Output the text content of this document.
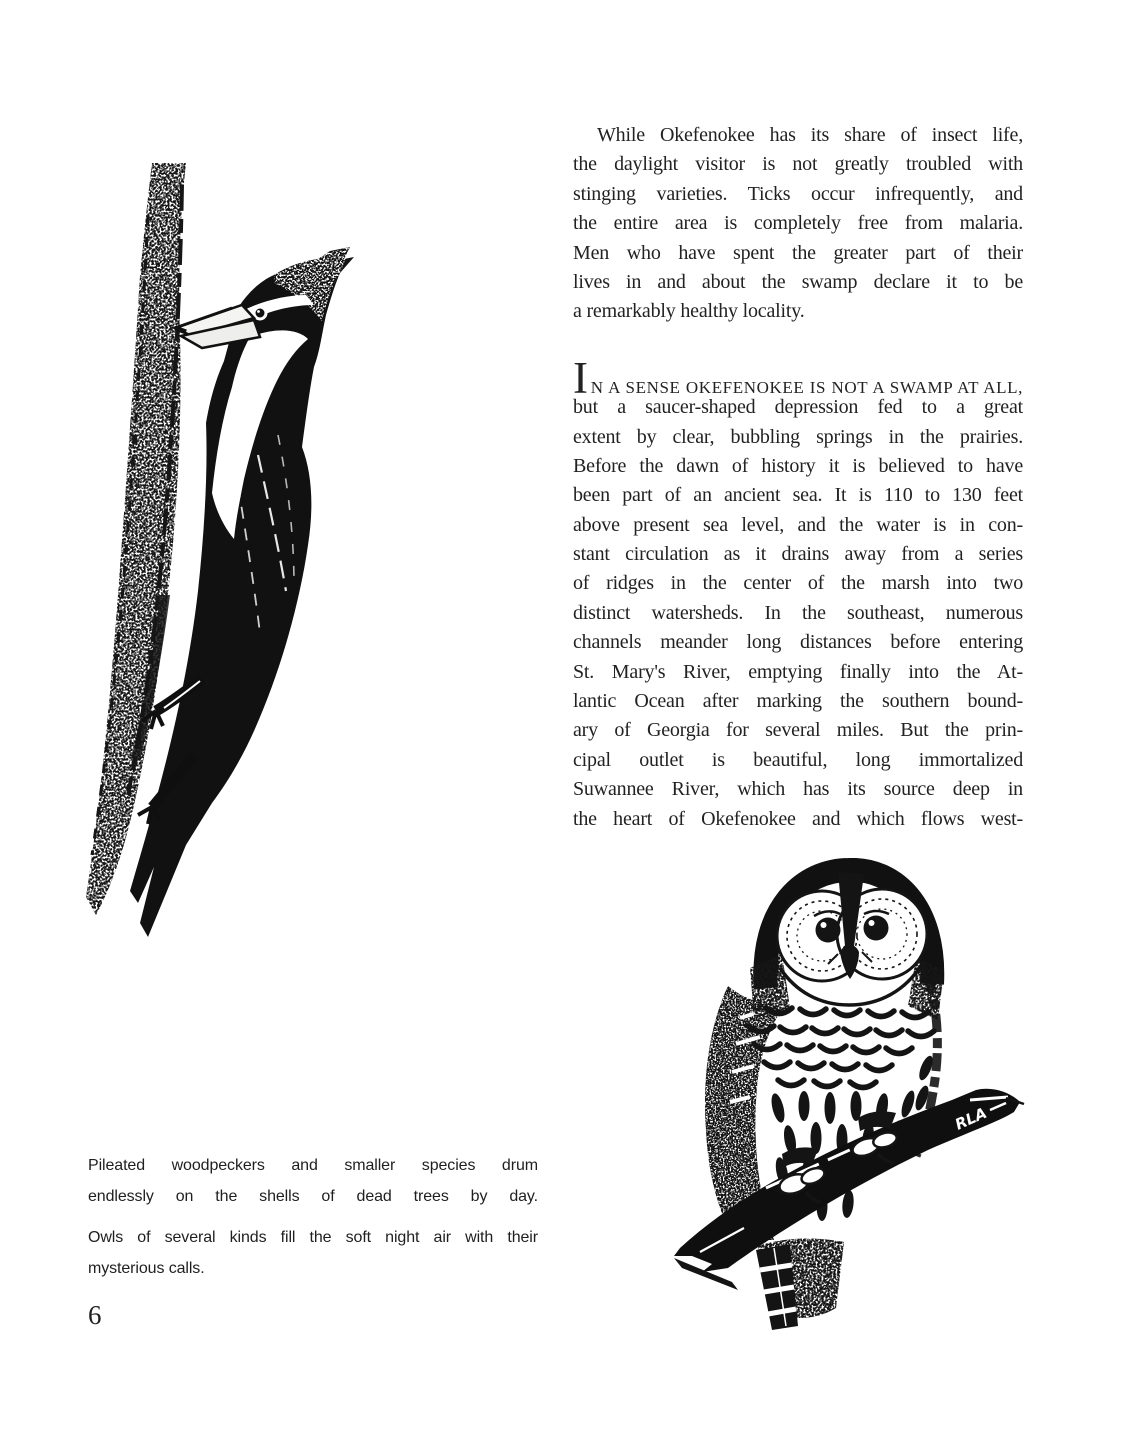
RLA
While Okefenokee has its share of insect life,
the daylight visitor is not greatly troubled with
stinging varieties. Ticks occur infrequently, and
the entire area is completely free from malaria.
Men who have spent the greater part of their
lives in and about the swamp declare it to be
a remarkably healthy locality.
I N A SENSE OKEFENOKEE IS NOT A SWAMP AT ALL,
but a saucer-shaped depression fed to a great
extent by clear, bubbling springs in the prairies.
Before the dawn of history it is believed to have
been part of an ancient sea. It is 110 to 130 feet
above present sea level, and the water is in con-
stant circulation as it drains away from a series
of ridges in the center of the marsh into two
distinct watersheds. In the southeast, numerous
channels meander long distances before entering
St. Mary's River, emptying finally into the At-
lantic Ocean after marking the southern bound-
ary of Georgia for several miles. But the prin-
cipal outlet is beautiful, long immortalized
Suwannee River, which has its source deep in
the heart of Okefenokee and which flows west-
Pileated woodpeckers and smaller species drum
endlessly on the shells of dead trees by day.
Owls of several kinds fill the soft night air with their
mysterious calls.
6
